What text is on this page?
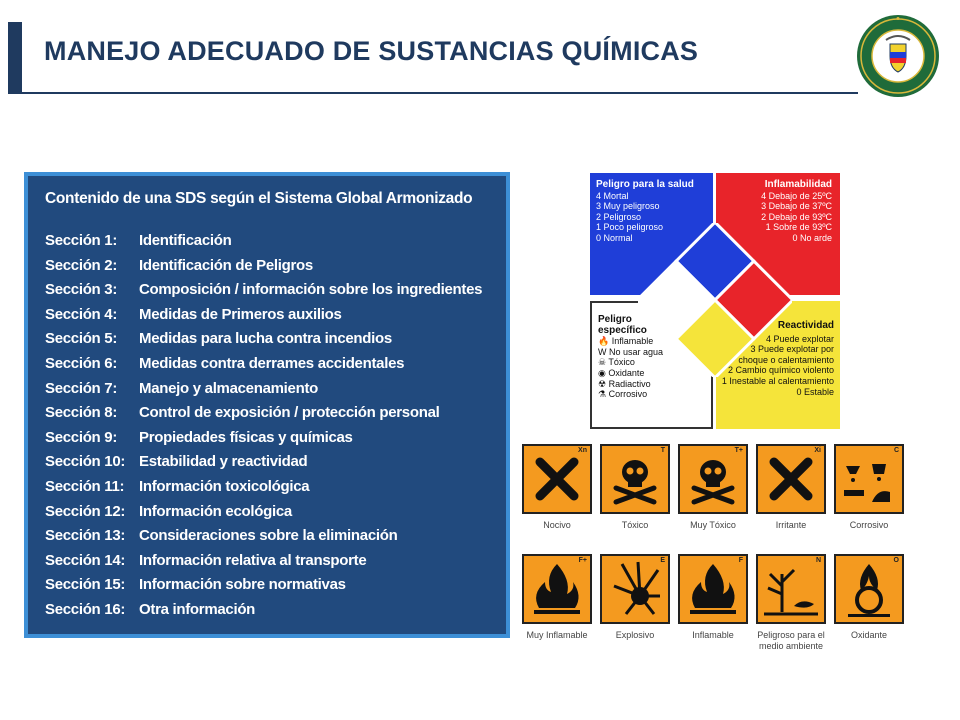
MANEJO ADECUADO DE SUSTANCIAS QUÍMICAS
Contenido de una SDS según el Sistema Global Armonizado
Sección 1:	Identificación
Sección 2:	Identificación de Peligros
Sección 3:	Composición / información sobre los ingredientes
Sección 4:	Medidas de Primeros auxilios
Sección 5:	Medidas para lucha contra incendios
Sección 6:	Medidas contra derrames accidentales
Sección 7:	Manejo y almacenamiento
Sección 8:	Control de exposición / protección personal
Sección 9:	Propiedades físicas y químicas
Sección 10: Estabilidad y reactividad
Sección 11: Información toxicológica
Sección 12: Información ecológica
Sección 13: Consideraciones sobre la eliminación
Sección 14: Información relativa al transporte
Sección 15: Información sobre normativas
Sección 16: Otra información
Peligro para la salud
4 Mortal
3 Muy peligroso
2 Peligroso
1 Poco peligroso
0 Normal
Inflamabilidad
4 Debajo de 25ºC
3 Debajo de 37ºC
2 Debajo de 93ºC
1 Sobre de 93ºC
0 No arde
Peligro específico
🔥 Inflamable
W No usar agua
☠ Tóxico
◉ Oxidante
☢ Radiactivo
⚗ Corrosivo
Reactividad
4 Puede explotar
3 Puede explotar por
choque o calentamiento
2 Cambio químico violento
1 Inestable al calentamiento
0 Estable
Xn
Nocivo
T
Tóxico
T+
Muy Tóxico
Xi
Irritante
C
Corrosivo
F+
Muy Inflamable
E
Explosivo
F
Inflamable
N
Peligroso para el medio ambiente
O
Oxidante
